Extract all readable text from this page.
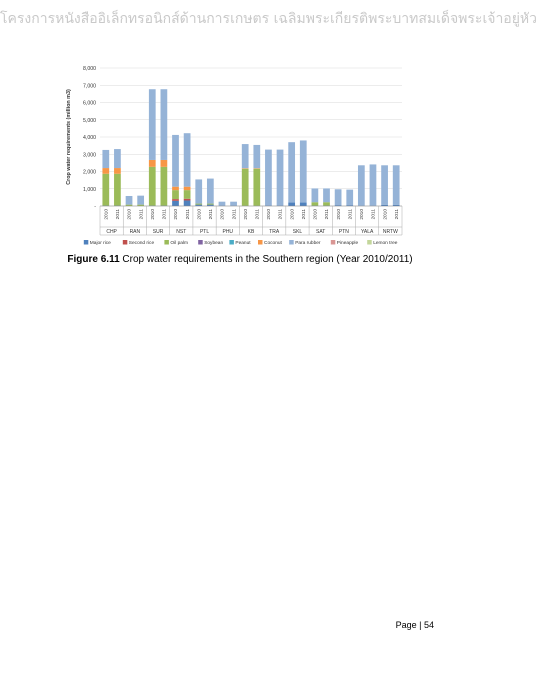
โครงการหนังสืออิเล็กทรอนิกส์ด้านการเกษตร เฉลิมพระเกียรติพระบาทสมเด็จพระเจ้าอยู่หัว
-
1,000
2,000
3,000
4,000
5,000
6,000
7,000
8,000
Crop water requirements (million m3)
2010 2011 2010 2011 2010 2011 2010 2011 2010 2011 2010 2011 2010 2011 2010 2011 2010 2011 2010 2011 2010 2011 2010 2011 2010 2011
CHP	RAN	SUR	NST	PTL	PHU	KB	TRA	SKL	SAT	PTN YALA NRTW
Major rice	Second rice	Oil palm	Soybean	Peanut	Coconut	Para rubber	Pineapple	Lemon tree
Figure 6.11 Crop water requirements in the Southern region (Year 2010/2011)
Page | 54
